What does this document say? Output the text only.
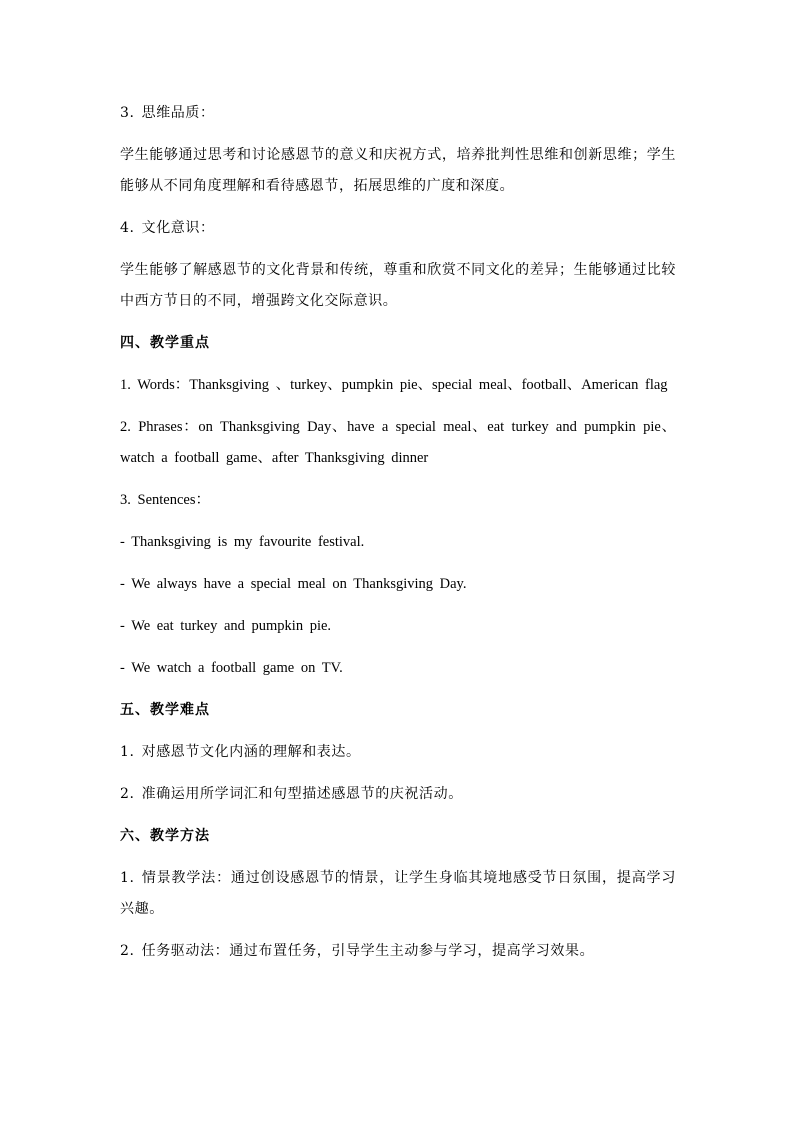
3. 思维品质：

学生能够通过思考和讨论感恩节的意义和庆祝方式，培养批判性思维和创新思维；学生能够从不同角度理解和看待感恩节，拓展思维的广度和深度。

4. 文化意识：

学生能够了解感恩节的文化背景和传统，尊重和欣赏不同文化的差异；生能够通过比较中西方节日的不同，增强跨文化交际意识。

四、教学重点

1. Words：Thanksgiving 、turkey、pumpkin pie、special meal、football、American flag

2. Phrases：on Thanksgiving Day、have a special meal、eat turkey and pumpkin pie、watch a football game、after Thanksgiving dinner

3. Sentences：

- Thanksgiving is my favourite festival.

- We always have a special meal on Thanksgiving Day.

- We eat turkey and pumpkin pie.

- We watch a football game on TV.

五、教学难点

1. 对感恩节文化内涵的理解和表达。

2. 准确运用所学词汇和句型描述感恩节的庆祝活动。

六、教学方法

1. 情景教学法：通过创设感恩节的情景，让学生身临其境地感受节日氛围，提高学习兴趣。

2. 任务驱动法：通过布置任务，引导学生主动参与学习，提高学习效果。
